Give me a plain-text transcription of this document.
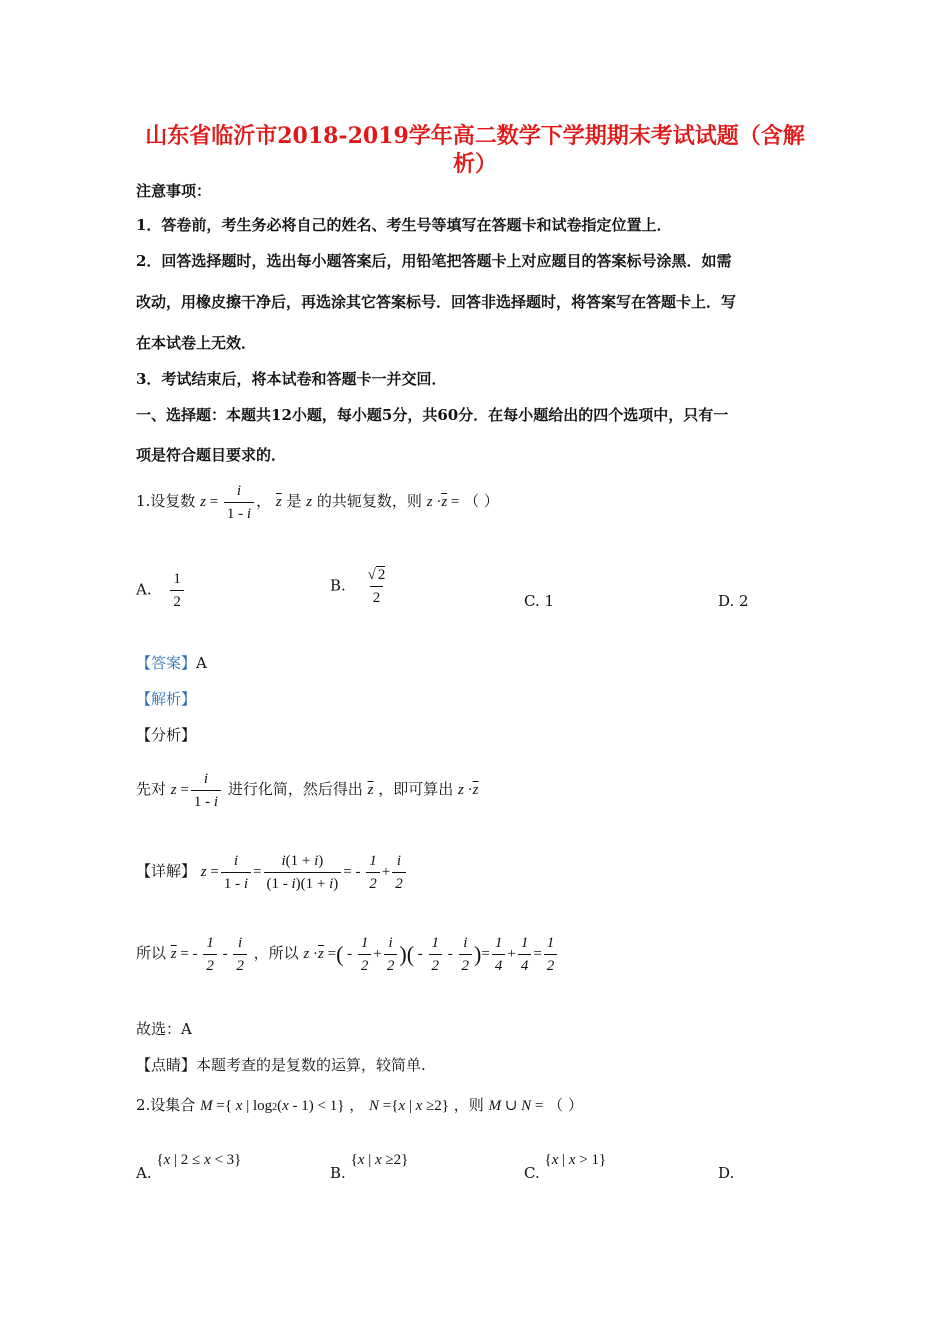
山东省临沂市2018-2019学年高二数学下学期期末考试试题（含解析）
注意事项：
1．答卷前，考生务必将自己的姓名、考生号等填写在答题卡和试卷指定位置上．
2．回答选择题时，选出每小题答案后，用铅笔把答题卡上对应题目的答案标号涂黑．如需
改动，用橡皮擦干净后，再选涂其它答案标号．回答非选择题时，将答案写在答题卡上．写
在本试卷上无效．
3．考试结束后，将本试卷和答题卡一并交回．
一、选择题：本题共12小题，每小题5分，共60分．在每小题给出的四个选项中，只有一
项是符合题目要求的．
1.设复数 $z = \frac{i}{1 - i}$ ， $\overline{z}$ 是 z 的共轭复数，则 $z \cdot\overline{z}$ = （ ）
A. $\frac{1}{2}$	B. $\frac{√ 2}{2}$	C. 1	D. 2
【答案】A
【解析】
【分析】
先对 $z = \frac{i}{1 - i}$ 进行化简，然后得出 $\overline{z}$ ，即可算出 $z \cdot\overline{z}$
【详解】 $z = \frac{i}{1 - i} = \frac{i(1 + i)}{(1 - i)(1 + i)}$ = - $\frac{1}{2} + \frac{i}{2}$
所以 $\overline{z}$ = - $\frac{1}{2} - \frac{i}{2}$ ，所以 $z \cdot\overline{z}$ =( - $\frac{1}{2} + \frac{i}{2}$ )( - $\frac{1}{2} - \frac{i}{2}$ )= $\frac{1}{4} + \frac{1}{4} = \frac{1}{2}$
故选：A
【点睛】本题考查的是复数的运算，较简单.
2.设集合 M ={ x | log2(x - 1) < 1} ， N ={x | x ≥2} ，则 M ∪ N = （ ）
A. {x | 2 ≤ x < 3}
B. {x | x ≥2}
C. {x | x > 1}
D.
